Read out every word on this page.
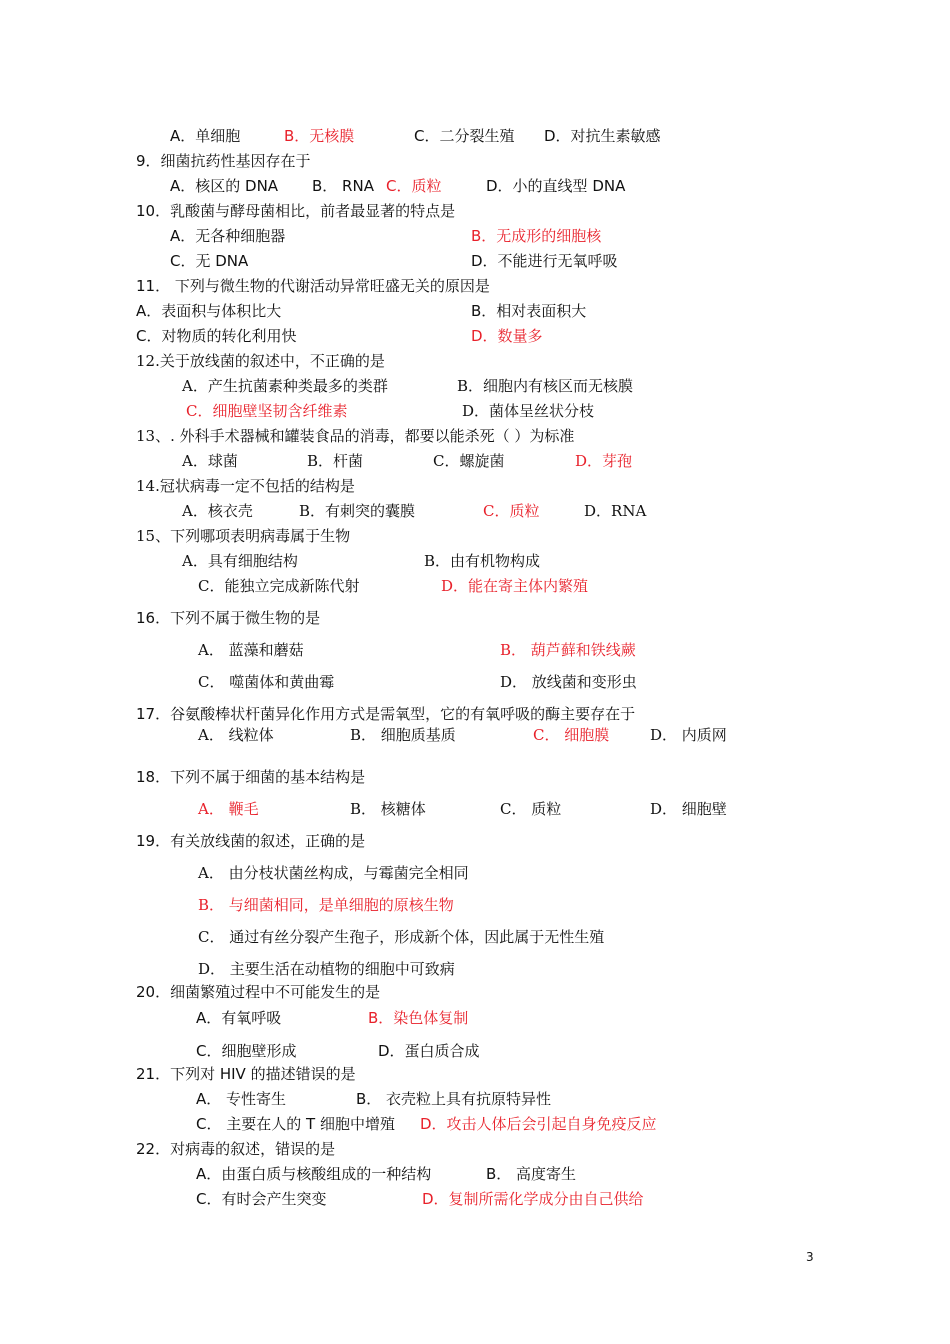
A．单细胞	B．无核膜	C．二分裂生殖 D．对抗生素敏感
9．细菌抗药性基因存在于
A．核区的 DNA B． RNA C．质粒	D．小的直线型 DNA
10．乳酸菌与酵母菌相比，前者最显著的特点是
A．无各种细胞器	B．无成形的细胞核
C．无 DNA	D．不能进行无氧呼吸
11． 下列与微生物的代谢活动异常旺盛无关的原因是
A．表面积与体积比大	B．相对表面积大
C．对物质的转化利用快	D．数量多
12.关于放线菌的叙述中，不正确的是
A．产生抗菌素种类最多的类群	B．细胞内有核区而无核膜
C．细胞壁坚韧含纤维素	D．菌体呈丝状分枝
13、. 外科手术器械和罐装食品的消毒，都要以能杀死（ ）为标准
A．球菌	B．杆菌	C．螺旋菌	D．芽孢
14.冠状病毒一定不包括的结构是
A．核衣壳	B．有刺突的囊膜	C．质粒	D．RNA
15、下列哪项表明病毒属于生物
A．具有细胞结构	B．由有机物构成
C．能独立完成新陈代射	D．能在寄主体内繁殖
16．下列不属于微生物的是
A． 蓝藻和蘑菇	B． 葫芦藓和铁线蕨
C． 噬菌体和黄曲霉	D． 放线菌和变形虫
17．谷氨酸棒状杆菌异化作用方式是需氧型，它的有氧呼吸的酶主要存在于
A． 线粒体	B． 细胞质基质	C． 细胞膜	D． 内质网
18．下列不属于细菌的基本结构是
A． 鞭毛	B． 核糖体	C． 质粒	D． 细胞壁
19．有关放线菌的叙述，正确的是
A． 由分枝状菌丝构成，与霉菌完全相同
B． 与细菌相同，是单细胞的原核生物
C． 通过有丝分裂产生孢子，形成新个体，因此属于无性生殖
D． 主要生活在动植物的细胞中可致病
20．细菌繁殖过程中不可能发生的是
A．有氧呼吸	B．染色体复制
C．细胞壁形成	D．蛋白质合成
21．下列对 HIV 的描述错误的是
A． 专性寄生	B． 衣壳粒上具有抗原特异性
C． 主要在人的 T 细胞中增殖 D．攻击人体后会引起自身免疫反应
22．对病毒的叙述，错误的是
A．由蛋白质与核酸组成的一种结构	B． 高度寄生
C．有时会产生突变	D．复制所需化学成分由自己供给
3
